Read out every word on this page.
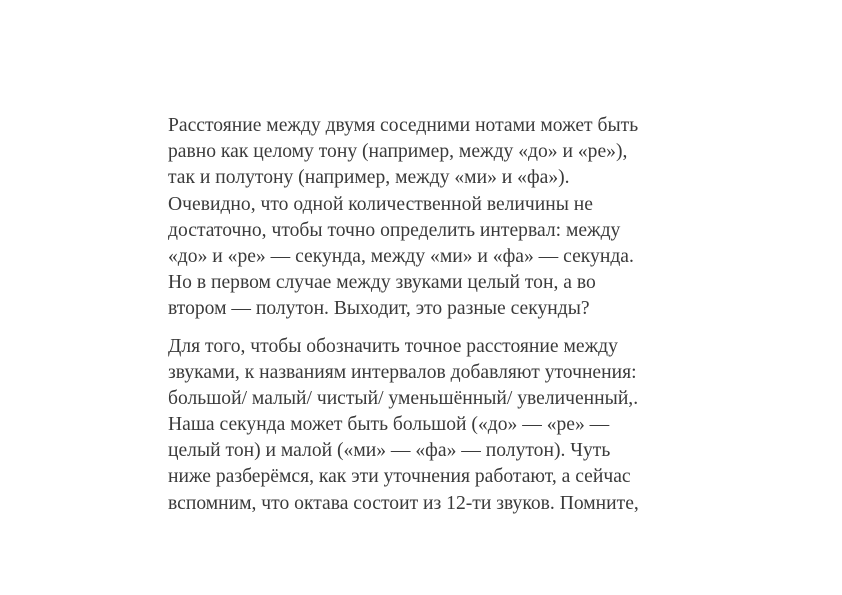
Расстояние между двумя соседними нотами может быть
равно как целому тону (например, между «до» и «ре»),
так и полутону (например, между «ми» и «фа»).
Очевидно, что одной количественной величины не
достаточно, чтобы точно определить интервал: между
«до» и «ре» — секунда, между «ми» и «фа» — секунда.
Но в первом случае между звуками целый тон, а во
втором — полутон. Выходит, это разные секунды?
Для того, чтобы обозначить точное расстояние между
звуками, к названиям интервалов добавляют уточнения:
большой/ малый/ чистый/ уменьшённый/ увеличенный,.
Наша секунда может быть большой («до» — «ре» —
целый тон) и малой («ми» — «фа» — полутон). Чуть
ниже разберёмся, как эти уточнения работают, а сейчас
вспомним, что октава состоит из 12-ти звуков. Помните,
